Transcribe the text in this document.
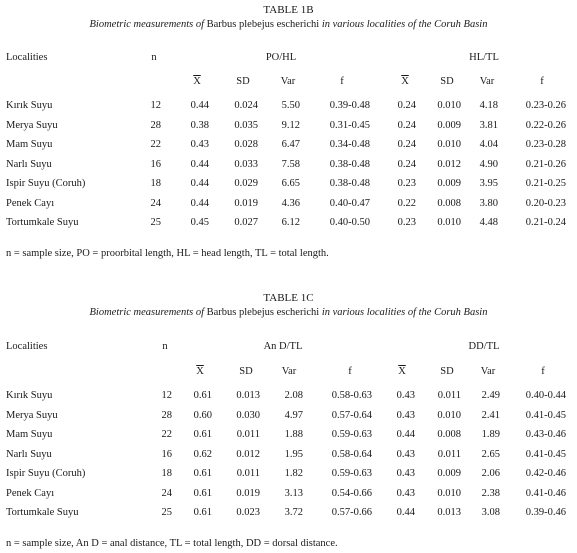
TABLE 1B
Biometric measurements of Barbus plebejus escherichi in various localities of the Coruh Basin
Localities	n	PO/HL	HL/TL
$\overline{X}$	SD	Var	f	$\overline{X}$	SD Var	f
Kırık Suyu	12	0.44 0.024 5.50	0.39-0.48	0.24 0.010 4.18	0.23-0.26
Merya Suyu	28	0.38 0.035 9.12	0.31-0.45	0.24 0.009 3.81	0.22-0.26
Mam Suyu	22	0.43 0.028 6.47	0.34-0.48	0.24 0.010 4.04	0.23-0.28
Narlı Suyu	16	0.44 0.033 7.58	0.38-0.48	0.24 0.012 4.90	0.21-0.26
Ispir Suyu (Coruh)	18	0.44 0.029 6.65	0.38-0.48	0.23 0.009 3.95	0.21-0.25
Penek Cayı	24	0.44 0.019 4.36	0.40-0.47	0.22 0.008 3.80	0.20-0.23
Tortumkale Suyu	25	0.45 0.027 6.12	0.40-0.50	0.23 0.010 4.48	0.21-0.24
n = sample size, PO = proorbital length, HL = head length, TL = total length.
TABLE 1C
Biometric measurements of Barbus plebejus escherichi in various localities of the Coruh Basin
Localities	n	An D/TL	DD/TL
$\overline{X}$	SD	Var	f	$\overline{X}$	SD	Var	f
Kırık Suyu	12 0.61 0.013 2.08	0.58-0.63 0.43 0.011 2.49 0.40-0.44
Merya Suyu	28 0.60 0.030 4.97	0.57-0.64 0.43 0.010 2.41 0.41-0.45
Mam Suyu	22 0.61 0.011 1.88	0.59-0.63 0.44 0.008 1.89 0.43-0.46
Narlı Suyu	16 0.62 0.012 1.95	0.58-0.64 0.43 0.011 2.65 0.41-0.45
Ispir Suyu (Coruh)	18 0.61 0.011 1.82	0.59-0.63 0.43 0.009 2.06 0.42-0.46
Penek Cayı	24 0.61 0.019 3.13	0.54-0.66 0.43 0.010 2.38 0.41-0.46
Tortumkale Suyu	25 0.61 0.023 3.72	0.57-0.66 0.44 0.013 3.08 0.39-0.46
n = sample size, An D = anal distance, TL = total length, DD = dorsal distance.
